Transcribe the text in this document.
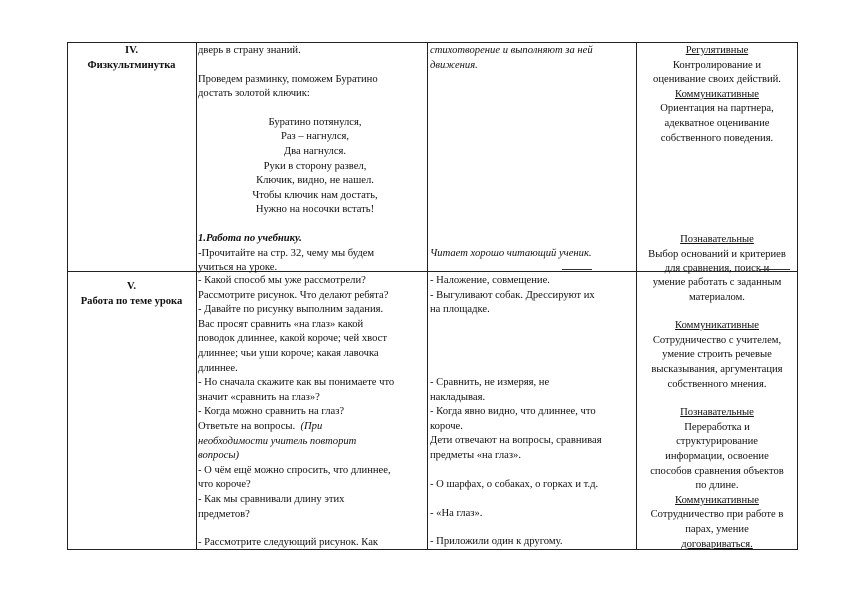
IV.
Физкультминутка
дверь в страну знаний.
Проведем разминку, поможем Буратино
достать золотой ключик:
Буратино потянулся,
Раз – нагнулся,
Два нагнулся.
Руки в сторону развел,
Ключик, видно, не нашел.
Чтобы ключик нам достать,
Нужно на носочки встать!
1.Работа по учебнику.
-Прочитайте на стр. 32, чему мы будем
учиться на уроке.
стихотворение и выполняют за ней
движения.
Читает хорошо читающий ученик.
Регулятивные
Контролирование и
оценивание своих действий.
Коммуникативные
Ориентация на партнера,
адекватное оценивание
собственного поведения.
Познавательные
Выбор оснований и критериев
для сравнения, поиск и
V.
Работа по теме урока
- Какой способ мы уже рассмотрели?
Рассмотрите рисунок. Что делают ребята?
- Давайте по рисунку выполним задания.
Вас просят сравнить «на глаз» какой
поводок длиннее, какой короче; чей хвост
длиннее; чьи уши короче; какая лавочка
длиннее.
- Но сначала скажите как вы понимаете что
значит «сравнить на глаз»?
- Когда можно сравнить на глаз?
Ответьте на вопросы. (При
необходимости учитель повторит
вопросы)
- О чём ещё можно спросить, что длиннее,
что короче?
- Как мы сравнивали длину этих
предметов?
- Рассмотрите следующий рисунок. Как
- Наложение, совмещение.
- Выгуливают собак. Дрессируют их
на площадке.
- Сравнить, не измеряя, не
накладывая.
- Когда явно видно, что длиннее, что
короче.
Дети отвечают на вопросы, сравнивая
предметы «на глаз».
- О шарфах, о собаках, о горках и т.д.
- «На глаз».
- Приложили один к другому.
умение работать с заданным
материалом.
Коммуникативные
Сотрудничество с учителем,
умение строить речевые
высказывания, аргументация
собственного мнения.
Познавательные
Переработка и
структурирование
информации, освоение
способов сравнения объектов
по длине.
Коммуникативные
Сотрудничество при работе в
парах, умение
договариваться.
